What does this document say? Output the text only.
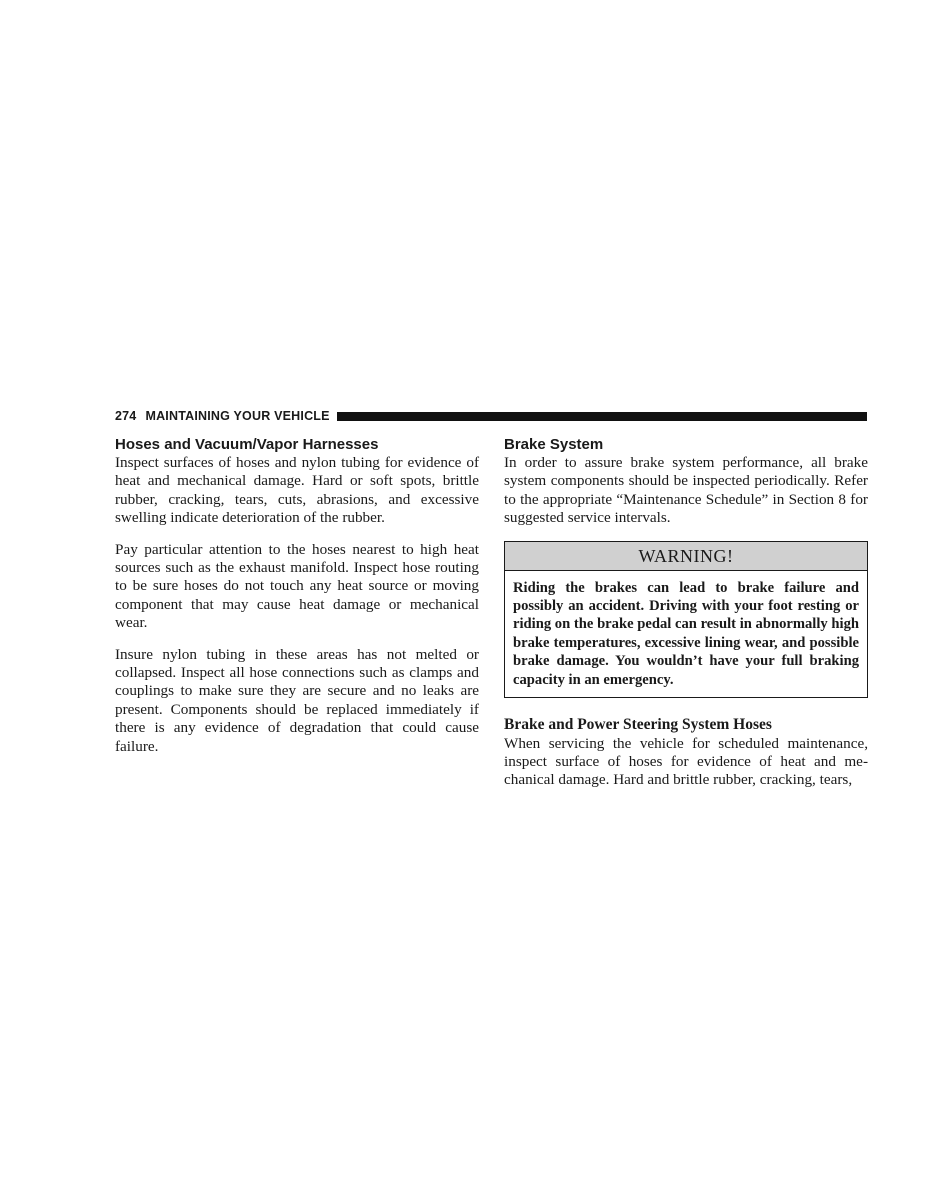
274 MAINTAINING YOUR VEHICLE
Hoses and Vacuum/Vapor Harnesses

Inspect surfaces of hoses and nylon tubing for evidence of heat and mechanical damage. Hard or soft spots, brittle rubber, cracking, tears, cuts, abrasions, and excessive swelling indicate deterioration of the rubber.

Pay particular attention to the hoses nearest to high heat sources such as the exhaust manifold. Inspect hose routing to be sure hoses do not touch any heat source or moving component that may cause heat damage or mechanical wear.

Insure nylon tubing in these areas has not melted or collapsed. Inspect all hose connections such as clamps and couplings to make sure they are secure and no leaks are present. Components should be replaced immediately if there is any evidence of degradation that could cause failure.

Brake System

In order to assure brake system performance, all brake system components should be inspected periodically. Refer to the appropriate “Maintenance Schedule” in Section 8 for suggested service intervals.

WARNING!
Riding the brakes can lead to brake failure and possibly an accident. Driving with your foot resting or riding on the brake pedal can result in abnormally high brake temperatures, excessive lining wear, and possible brake damage. You wouldn’t have your full braking capacity in an emergency.
Brake and Power Steering System Hoses

When servicing the vehicle for scheduled maintenance, inspect surface of hoses for evidence of heat and mechanical damage. Hard and brittle rubber, cracking, tears,
